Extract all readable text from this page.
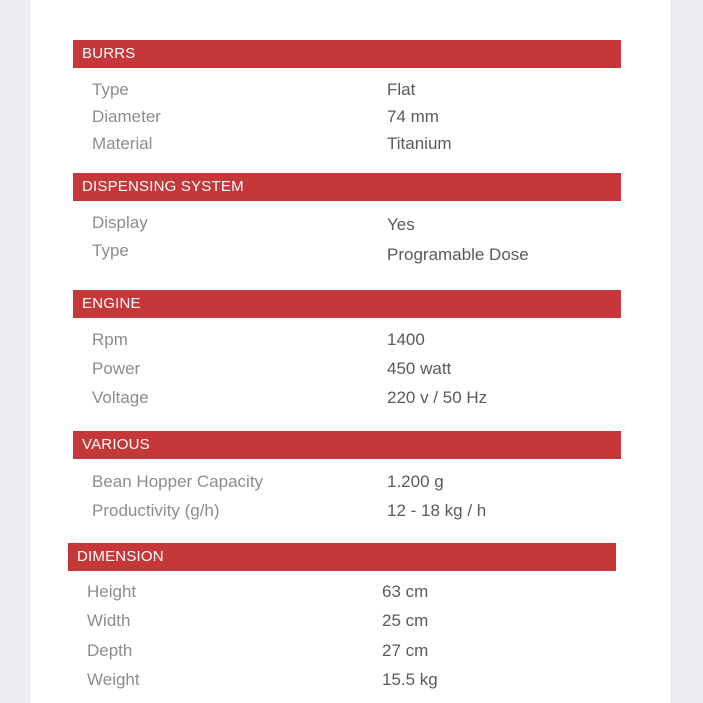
BURRS
Type	Flat
Diameter	74 mm
Material	Titanium
DISPENSING SYSTEM
Display	Yes
Type	Programable Dose
ENGINE
Rpm	1400
Power	450 watt
Voltage	220 v / 50 Hz
VARIOUS
Bean Hopper Capacity	1.200 g
Productivity (g/h)	12 - 18 kg / h
DIMENSION
Height	63 cm
Width	25 cm
Depth	27 cm
Weight	15.5 kg
